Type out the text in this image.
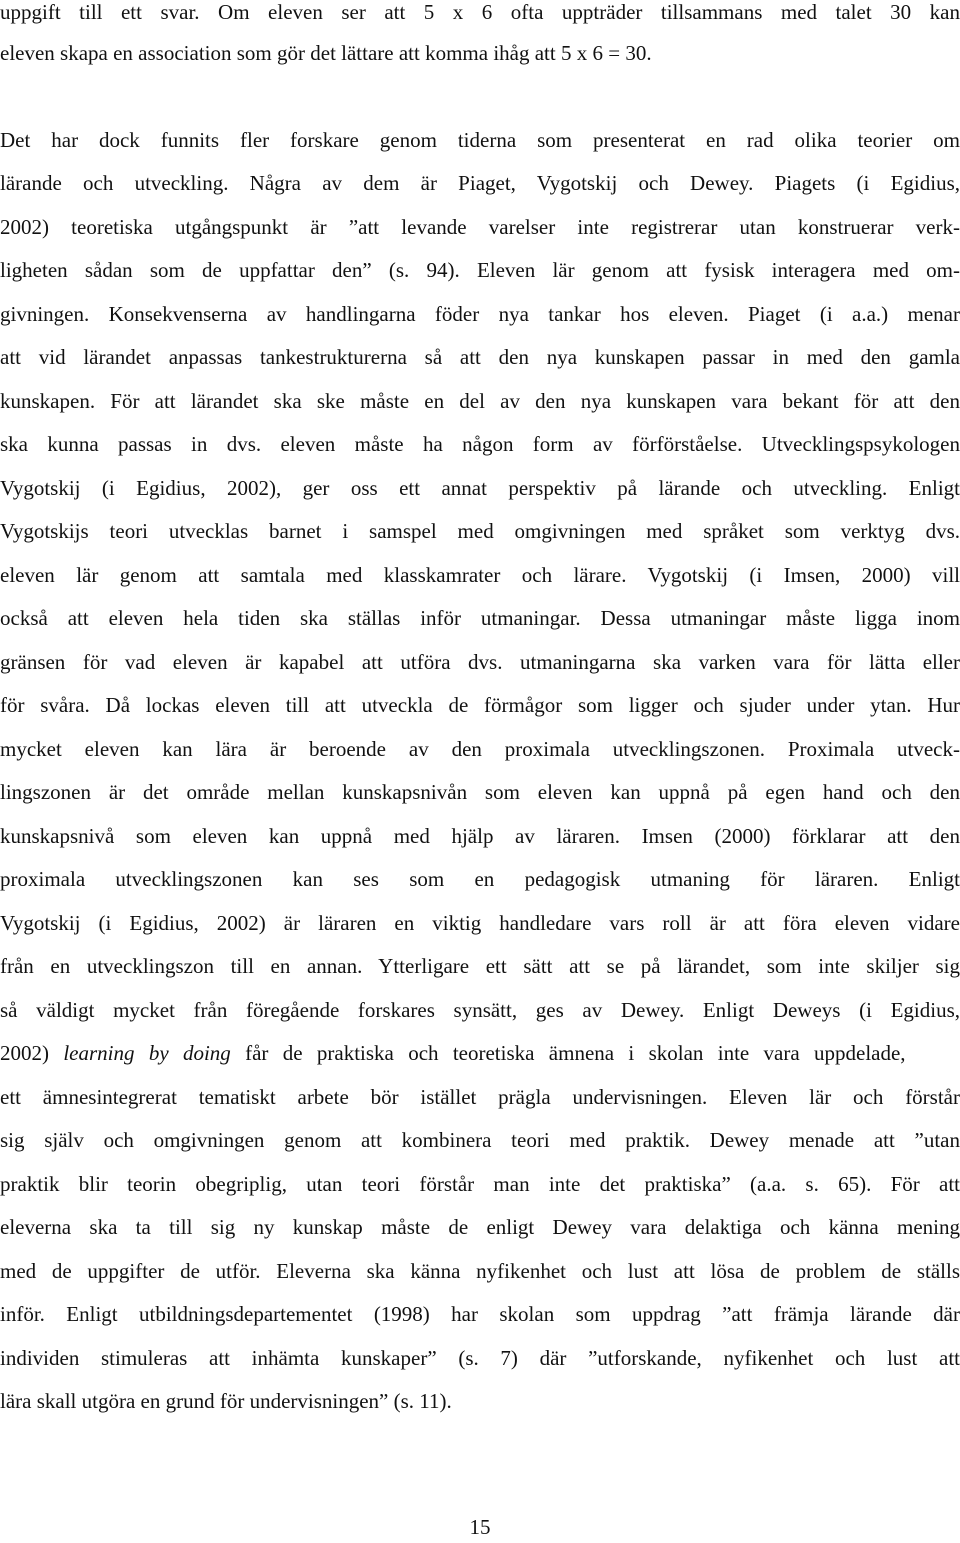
uppgift till ett svar. Om eleven ser att 5 x 6 ofta uppträder tillsammans med talet 30 kan
eleven skapa en association som gör det lättare att komma ihåg att 5 x 6 = 30.
Det har dock funnits fler forskare genom tiderna som presenterat en rad olika teorier om
lärande och utveckling. Några av dem är Piaget, Vygotskij och Dewey. Piagets (i Egidius,
2002) teoretiska utgångspunkt är ”att levande varelser inte registrerar utan konstruerar verk-
ligheten sådan som de uppfattar den” (s. 94). Eleven lär genom att fysisk interagera med om-
givningen. Konsekvenserna av handlingarna föder nya tankar hos eleven. Piaget (i a.a.) menar
att vid lärandet anpassas tankestrukturerna så att den nya kunskapen passar in med den gamla
kunskapen. För att lärandet ska ske måste en del av den nya kunskapen vara bekant för att den
ska kunna passas in dvs. eleven måste ha någon form av förförståelse. Utvecklingspsykologen
Vygotskij (i Egidius, 2002), ger oss ett annat perspektiv på lärande och utveckling. Enligt
Vygotskijs teori utvecklas barnet i samspel med omgivningen med språket som verktyg dvs.
eleven lär genom att samtala med klasskamrater och lärare. Vygotskij (i Imsen, 2000) vill
också att eleven hela tiden ska ställas inför utmaningar. Dessa utmaningar måste ligga inom
gränsen för vad eleven är kapabel att utföra dvs. utmaningarna ska varken vara för lätta eller
för svåra. Då lockas eleven till att utveckla de förmågor som ligger och sjuder under ytan. Hur
mycket eleven kan lära är beroende av den proximala utvecklingszonen. Proximala utveck-
lingszonen är det område mellan kunskapsnivån som eleven kan uppnå på egen hand och den
kunskapsnivå som eleven kan uppnå med hjälp av läraren. Imsen (2000) förklarar att den
proximala utvecklingszonen kan ses som en pedagogisk utmaning för läraren. Enligt
Vygotskij (i Egidius, 2002) är läraren en viktig handledare vars roll är att föra eleven vidare
från en utvecklingszon till en annan. Ytterligare ett sätt att se på lärandet, som inte skiljer sig
så väldigt mycket från föregående forskares synsätt, ges av Dewey. Enligt Deweys (i Egidius,
2002) learning by doing får de praktiska och teoretiska ämnena i skolan inte vara uppdelade,
ett ämnesintegrerat tematiskt arbete bör istället prägla undervisningen. Eleven lär och förstår
sig själv och omgivningen genom att kombinera teori med praktik. Dewey menade att ”utan
praktik blir teorin obegriplig, utan teori förstår man inte det praktiska” (a.a. s. 65). För att
eleverna ska ta till sig ny kunskap måste de enligt Dewey vara delaktiga och känna mening
med de uppgifter de utför. Eleverna ska känna nyfikenhet och lust att lösa de problem de ställs
inför. Enligt utbildningsdepartementet (1998) har skolan som uppdrag ”att främja lärande där
individen stimuleras att inhämta kunskaper” (s. 7) där ”utforskande, nyfikenhet och lust att
lära skall utgöra en grund för undervisningen” (s. 11).
15
